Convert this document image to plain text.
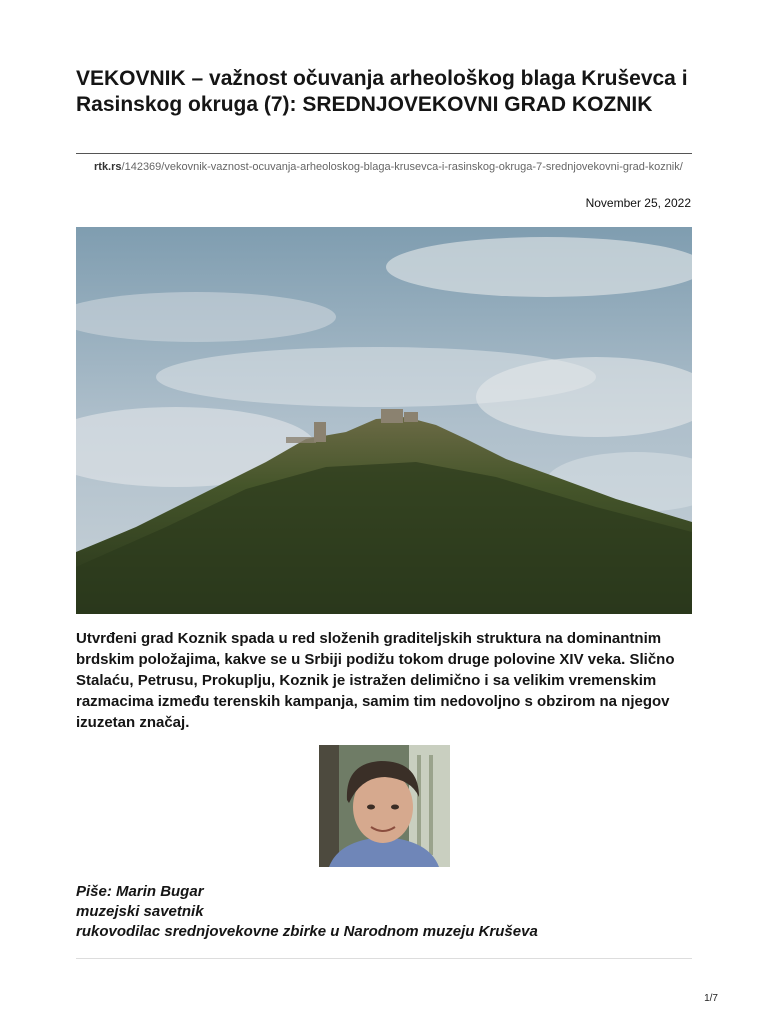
VEKOVNIK – važnost očuvanja arheološkog blaga Kruševca i Rasinskog okruga (7): SREDNJOVEKOVNI GRAD KOZNIK
rtk.rs/142369/vekovnik-vaznost-ocuvanja-arheoloskog-blaga-krusevca-i-rasinskog-okruga-7-srednjovekovni-grad-koznik/
November 25, 2022

Utvrđeni grad Koznik spada u red složenih graditeljskih struktura na dominantnim brdskim položajima, kakve se u Srbiji podižu tokom druge polovine XIV veka. Slično Stalaću, Petrusu, Prokuplju, Koznik je istražen delimično i sa velikim vremenskim razmacima između terenskih kampanja, samim tim nedovoljno s obzirom na njegov izuzetan značaj.

Piše: Marin Bugar
muzejski savetnik
rukovodilac srednjovekovne zbirke u Narodnom muzeju Kruševa
1/7
